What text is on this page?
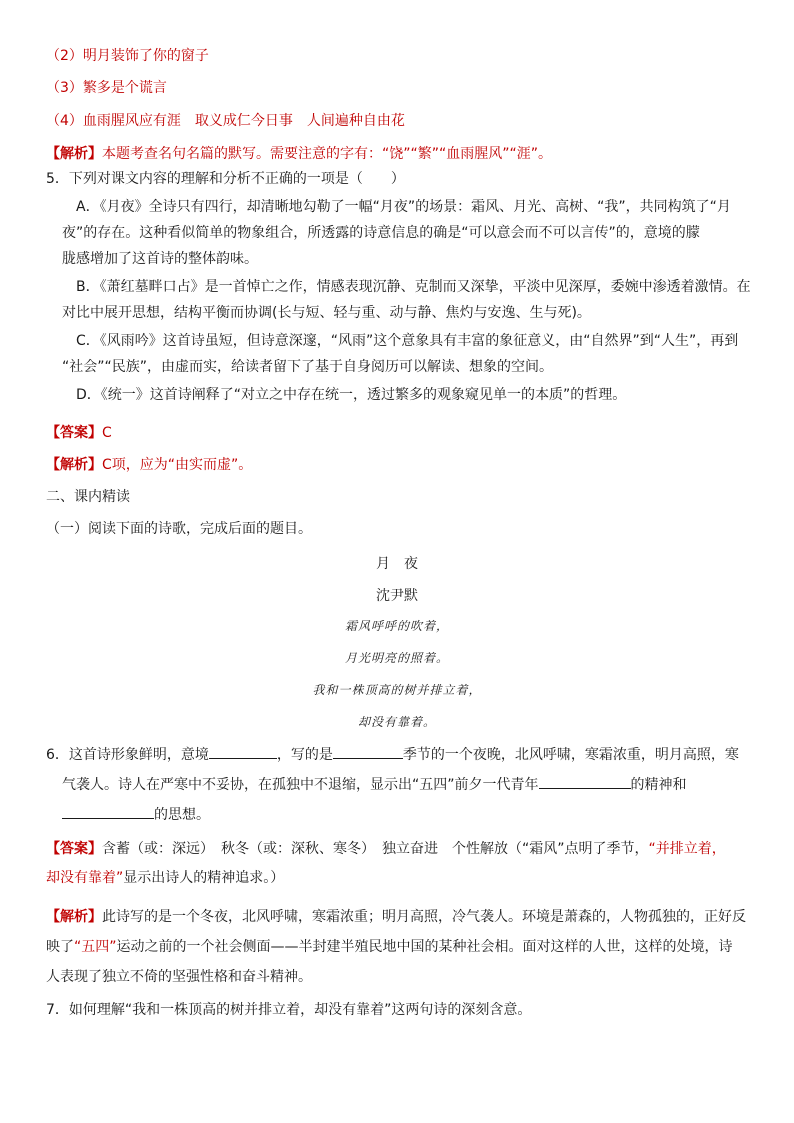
（2）明月装饰了你的窗子
（3）繁多是个谎言
（4）血雨腥风应有涯　取义成仁今日事　人间遍种自由花
【解析】本题考查名句名篇的默写。需要注意的字有：“饶”“繁”“血雨腥风”“涯”。
5．下列对课文内容的理解和分析不正确的一项是（　　）
A．《月夜》全诗只有四行，却清晰地勾勒了一幅“月夜”的场景：霜风、月光、高树、“我”，共同构筑了“月
夜”的存在。这种看似简单的物象组合，所透露的诗意信息的确是“可以意会而不可以言传”的，意境的朦
胧感增加了这首诗的整体韵味。
B．《萧红墓畔口占》是一首悼亡之作，情感表现沉静、克制而又深挚，平淡中见深厚，委婉中渗透着激情。在
对比中展开思想，结构平衡而协调(长与短、轻与重、动与静、焦灼与安逸、生与死)。
C．《风雨吟》这首诗虽短，但诗意深邃，“风雨”这个意象具有丰富的象征意义，由“自然界”到“人生”，再到
“社会”“民族”，由虚而实，给读者留下了基于自身阅历可以解读、想象的空间。
D．《统一》这首诗阐释了“对立之中存在统一，透过繁多的观象窥见单一的本质”的哲理。
【答案】C
【解析】C项，应为“由实而虚”。
二、课内精读
（一）阅读下面的诗歌，完成后面的题目。
月　夜
沈尹默
霜风呼呼的吹着，
月光明亮的照着。
我和一株顶高的树并排立着，
却没有靠着。
6．这首诗形象鲜明，意境	，写的是	季节的一个夜晚，北风呼啸，寒霜浓重，明月高照，寒
气袭人。诗人在严寒中不妥协，在孤独中不退缩，显示出“五四”前夕一代青年	的精神和
的思想。
【答案】含蓄（或：深远）　秋冬（或：深秋、寒冬）　独立奋进　个性解放（“霜风”点明了季节，“并排立着，
却没有靠着”显示出诗人的精神追求。）
【解析】此诗写的是一个冬夜，北风呼啸，寒霜浓重；明月高照，冷气袭人。环境是萧森的，人物孤独的，正好反
映了“五四”运动之前的一个社会侧面——半封建半殖民地中国的某种社会相。面对这样的人世，这样的处境，诗
人表现了独立不倚的坚强性格和奋斗精神。
7．如何理解“我和一株顶高的树并排立着，却没有靠着”这两句诗的深刻含意。
